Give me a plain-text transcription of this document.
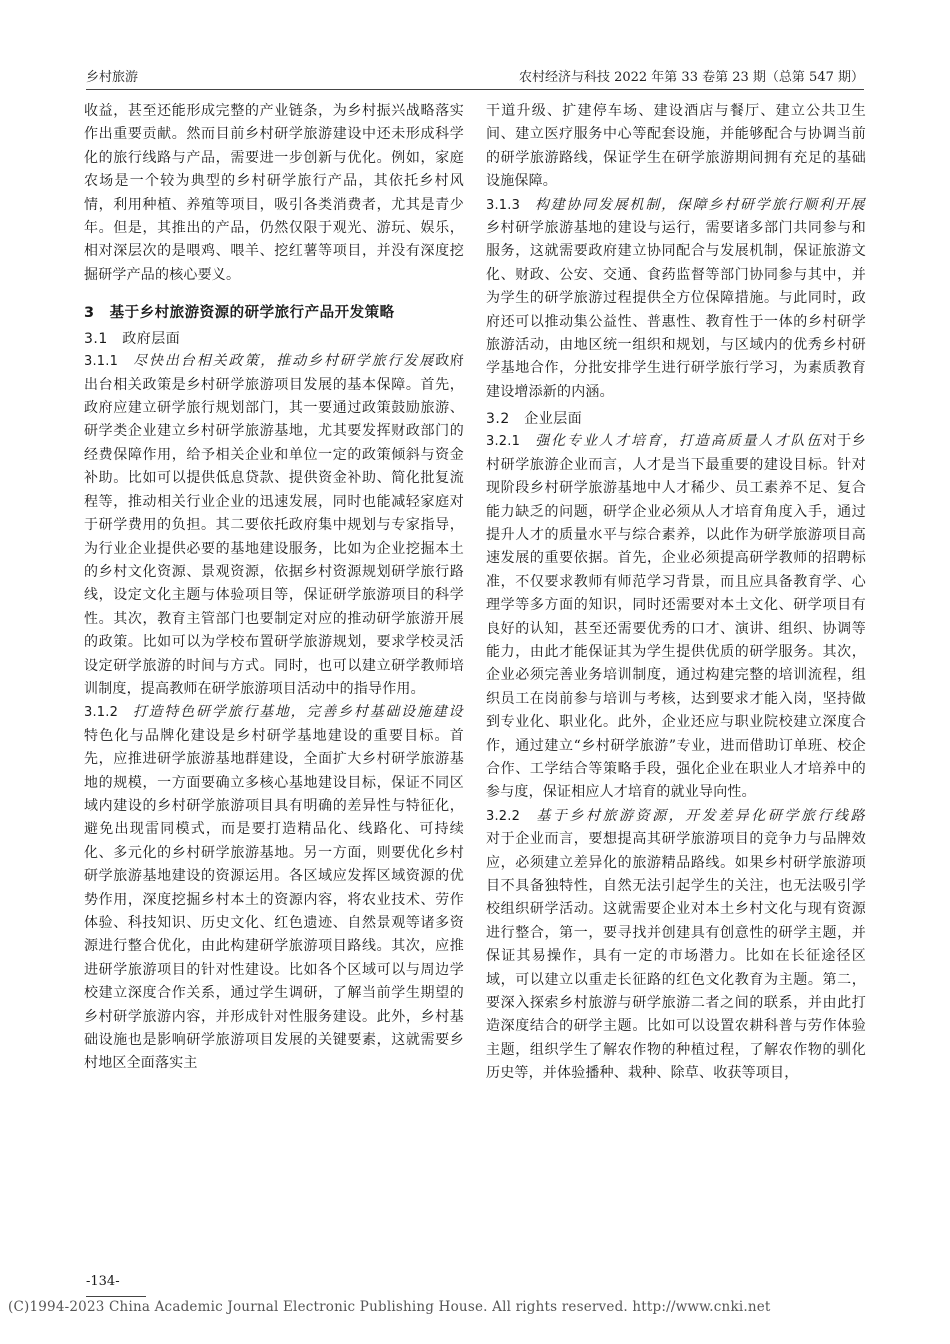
乡村旅游	农村经济与科技 2022 年第 33 卷第 23 期（总第 547 期）

收益，甚至还能形成完整的产业链条，为乡村振兴战略落实作出重要贡献。然而目前乡村研学旅游建设中还未形成科学化的旅行线路与产品，需要进一步创新与优化。例如，家庭农场是一个较为典型的乡村研学旅行产品，其依托乡村风情，利用种植、养殖等项目，吸引各类消费者，尤其是青少年。但是，其推出的产品，仍然仅限于观光、游玩、娱乐，相对深层次的是喂鸡、喂羊、挖红薯等项目，并没有深度挖掘研学产品的核心要义。

3　基于乡村旅游资源的研学旅行产品开发策略
3.1　政府层面

3.1.1　 尽快出台相关政策，推动乡村研学旅行发展政府出台相关政策是乡村研学旅游项目发展的基本保障。首先，政府应建立研学旅行规划部门，其一要通过政策鼓励旅游、研学类企业建立乡村研学旅游基地，尤其要发挥财政部门的经费保障作用，给予相关企业和单位一定的政策倾斜与资金补助。比如可以提供低息贷款、提供资金补助、简化批复流程等，推动相关行业企业的迅速发展，同时也能减轻家庭对于研学费用的负担。其二要依托政府集中规划与专家指导，为行业企业提供必要的基地建设服务，比如为企业挖掘本土的乡村文化资源、景观资源，依据乡村资源规划研学旅行路线，设定文化主题与体验项目等，保证研学旅游项目的科学性。其次，教育主管部门也要制定对应的推动研学旅游开展的政策。比如可以为学校布置研学旅游规划，要求学校灵活设定研学旅游的时间与方式。同时，也可以建立研学教师培训制度，提高教师在研学旅游项目活动中的指导作用。

3.1.2　 打造特色研学旅行基地，完善乡村基础设施建设　特色化与品牌化建设是乡村研学基地建设的重要目标。首先，应推进研学旅游基地群建设，全面扩大乡村研学旅游基地的规模，一方面要确立多核心基地建设目标，保证不同区域内建设的乡村研学旅游项目具有明确的差异性与特征化，避免出现雷同模式，而是要打造精品化、线路化、可持续化、多元化的乡村研学旅游基地。另一方面，则要优化乡村研学旅游基地建设的资源运用。各区域应发挥区域资源的优势作用，深度挖掘乡村本土的资源内容，将农业技术、劳作体验、科技知识、历史文化、红色遗迹、自然景观等诸多资源进行整合优化，由此构建研学旅游项目路线。其次，应推进研学旅游项目的针对性建设。比如各个区域可以与周边学校建立深度合作关系，通过学生调研，了解当前学生期望的乡村研学旅游内容，并形成针对性服务建设。此外，乡村基础设施也是影响研学旅游项目发展的关键要素，这就需要乡村地区全面落实主

干道升级、扩建停车场、建设酒店与餐厅、建立公共卫生间、建立医疗服务中心等配套设施，并能够配合与协调当前的研学旅游路线，保证学生在研学旅游期间拥有充足的基础设施保障。

3.1.3　 构建协同发展机制，保障乡村研学旅行顺利开展　乡村研学旅游基地的建设与运行，需要诸多部门共同参与和服务，这就需要政府建立协同配合与发展机制，保证旅游文化、财政、公安、交通、食药监督等部门协同参与其中，并为学生的研学旅游过程提供全方位保障措施。与此同时，政府还可以推动集公益性、普惠性、教育性于一体的乡村研学旅游活动，由地区统一组织和规划，与区域内的优秀乡村研学基地合作，分批安排学生进行研学旅行学习，为素质教育建设增添新的内涵。

3.2　企业层面

3.2.1　 强化专业人才培育，打造高质量人才队伍对于乡村研学旅游企业而言，人才是当下最重要的建设目标。针对现阶段乡村研学旅游基地中人才稀少、员工素养不足、复合能力缺乏的问题，研学企业必须从人才培育角度入手，通过提升人才的质量水平与综合素养，以此作为研学旅游项目高速发展的重要依据。首先，企业必须提高研学教师的招聘标准，不仅要求教师有师范学习背景，而且应具备教育学、心理学等多方面的知识，同时还需要对本土文化、研学项目有良好的认知，甚至还需要优秀的口才、演讲、组织、协调等能力，由此才能保证其为学生提供优质的研学服务。其次，企业必须完善业务培训制度，通过构建完整的培训流程，组织员工在岗前参与培训与考核，达到要求才能入岗，坚持做到专业化、职业化。此外，企业还应与职业院校建立深度合作，通过建立“乡村研学旅游”专业，进而借助订单班、校企合作、工学结合等策略手段，强化企业在职业人才培养中的参与度，保证相应人才培育的就业导向性。

3.2.2　 基于乡村旅游资源，开发差异化研学旅行线路　对于企业而言，要想提高其研学旅游项目的竞争力与品牌效应，必须建立差异化的旅游精品路线。如果乡村研学旅游项目不具备独特性，自然无法引起学生的关注，也无法吸引学校组织研学活动。这就需要企业对本土乡村文化与现有资源进行整合，第一，要寻找并创建具有创意性的研学主题，并保证其易操作，具有一定的市场潜力。比如在长征途径区域，可以建立以重走长征路的红色文化教育为主题。第二，要深入探索乡村旅游与研学旅游二者之间的联系，并由此打造深度结合的研学主题。比如可以设置农耕科普与劳作体验主题，组织学生了解农作物的种植过程，了解农作物的驯化历史等，并体验播种、栽种、除草、收获等项目，

-134-
(C)1994-2023 China Academic Journal Electronic Publishing House. All rights reserved. http://www.cnki.net
